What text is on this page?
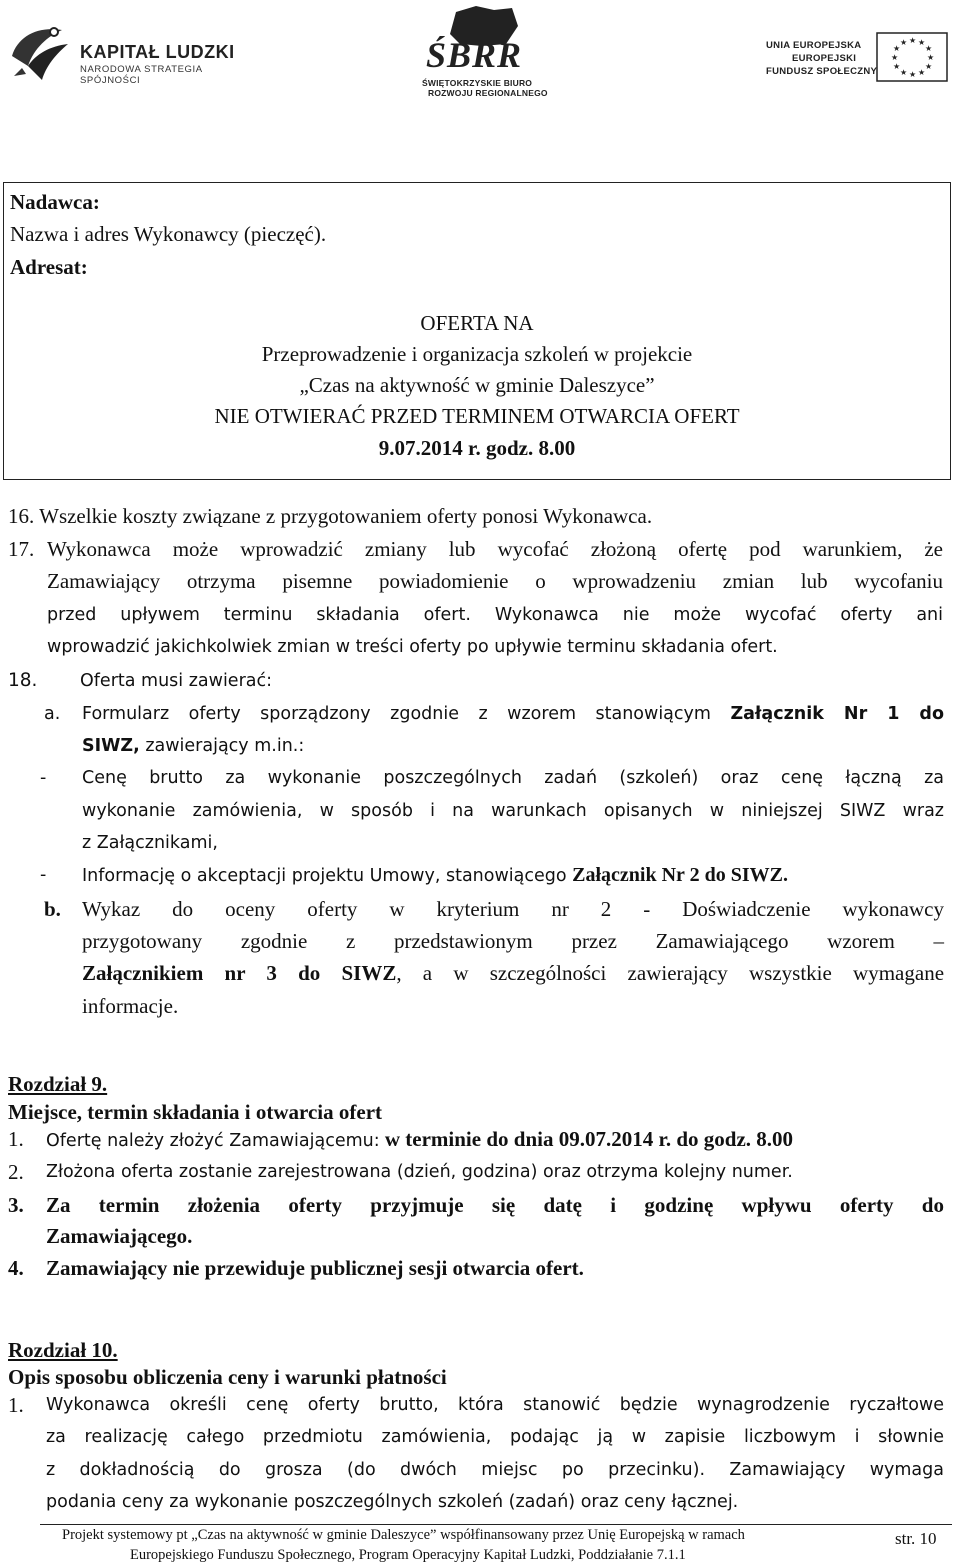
KAPITAŁ LUDZKI
NARODOWA STRATEGIA SPÓJNOŚCI
ŚBRR
ŚWIĘTOKRZYSKIE BIURO
ROZWOJU REGIONALNEGO
UNIA EUROPEJSKA
EUROPEJSKI
FUNDUSZ SPOŁECZNY
★ ★
★
★
★
★
★
★
★
★
★
★
Nadawca:
Nazwa i adres Wykonawcy (pieczęć).
Adresat:
OFERTA NA
Przeprowadzenie i organizacja szkoleń w projekcie
„Czas na aktywność w gminie Daleszyce”
NIE OTWIERAĆ PRZED TERMINEM OTWARCIA OFERT
9.07.2014 r. godz. 8.00
16. Wszelkie koszty związane z przygotowaniem oferty ponosi Wykonawca.
17. Wykonawca może wprowadzić zmiany lub wycofać złożoną ofertę pod warunkiem, że
Zamawiający otrzyma pisemne powiadomienie o wprowadzeniu zmian lub wycofaniu
przed upływem terminu składania ofert. Wykonawca nie może wycofać oferty ani
wprowadzić jakichkolwiek zmian w treści oferty po upływie terminu składania ofert.
18. Oferta musi zawierać:
a. Formularz oferty sporządzony zgodnie z wzorem stanowiącym Załącznik Nr 1 do
SIWZ, zawierający m.in.:
- Cenę brutto za wykonanie poszczególnych zadań (szkoleń) oraz cenę łączną za
wykonanie zamówienia, w sposób i na warunkach opisanych w niniejszej SIWZ wraz
z Załącznikami,
- Informację o akceptacji projektu Umowy, stanowiącego Załącznik Nr 2 do SIWZ.
b. Wykaz do oceny oferty w kryterium nr 2 - Doświadczenie wykonawcy
przygotowany zgodnie z przedstawionym przez Zamawiającego wzorem –
Załącznikiem nr 3 do SIWZ, a w szczególności zawierający wszystkie wymagane
informacje.
Rozdział 9.
Miejsce, termin składania i otwarcia ofert
1. Ofertę należy złożyć Zamawiającemu: w terminie do dnia 09.07.2014 r. do godz. 8.00
2. Złożona oferta zostanie zarejestrowana (dzień, godzina) oraz otrzyma kolejny numer.
3. Za termin złożenia oferty przyjmuje się datę i godzinę wpływu oferty do
Zamawiającego.
4. Zamawiający nie przewiduje publicznej sesji otwarcia ofert.
Rozdział 10.
Opis sposobu obliczenia ceny i warunki płatności
1. Wykonawca określi cenę oferty brutto, która stanowić będzie wynagrodzenie ryczałtowe
za realizację całego przedmiotu zamówienia, podając ją w zapisie liczbowym i słownie
z dokładnością do grosza (do dwóch miejsc po przecinku). Zamawiający wymaga
podania ceny za wykonanie poszczególnych szkoleń (zadań) oraz ceny łącznej.
Projekt systemowy pt „Czas na aktywność w gminie Daleszyce” współfinansowany przez Unię Europejską w ramach
Europejskiego Funduszu Społecznego, Program Operacyjny Kapitał Ludzki, Poddziałanie 7.1.1
str. 10
